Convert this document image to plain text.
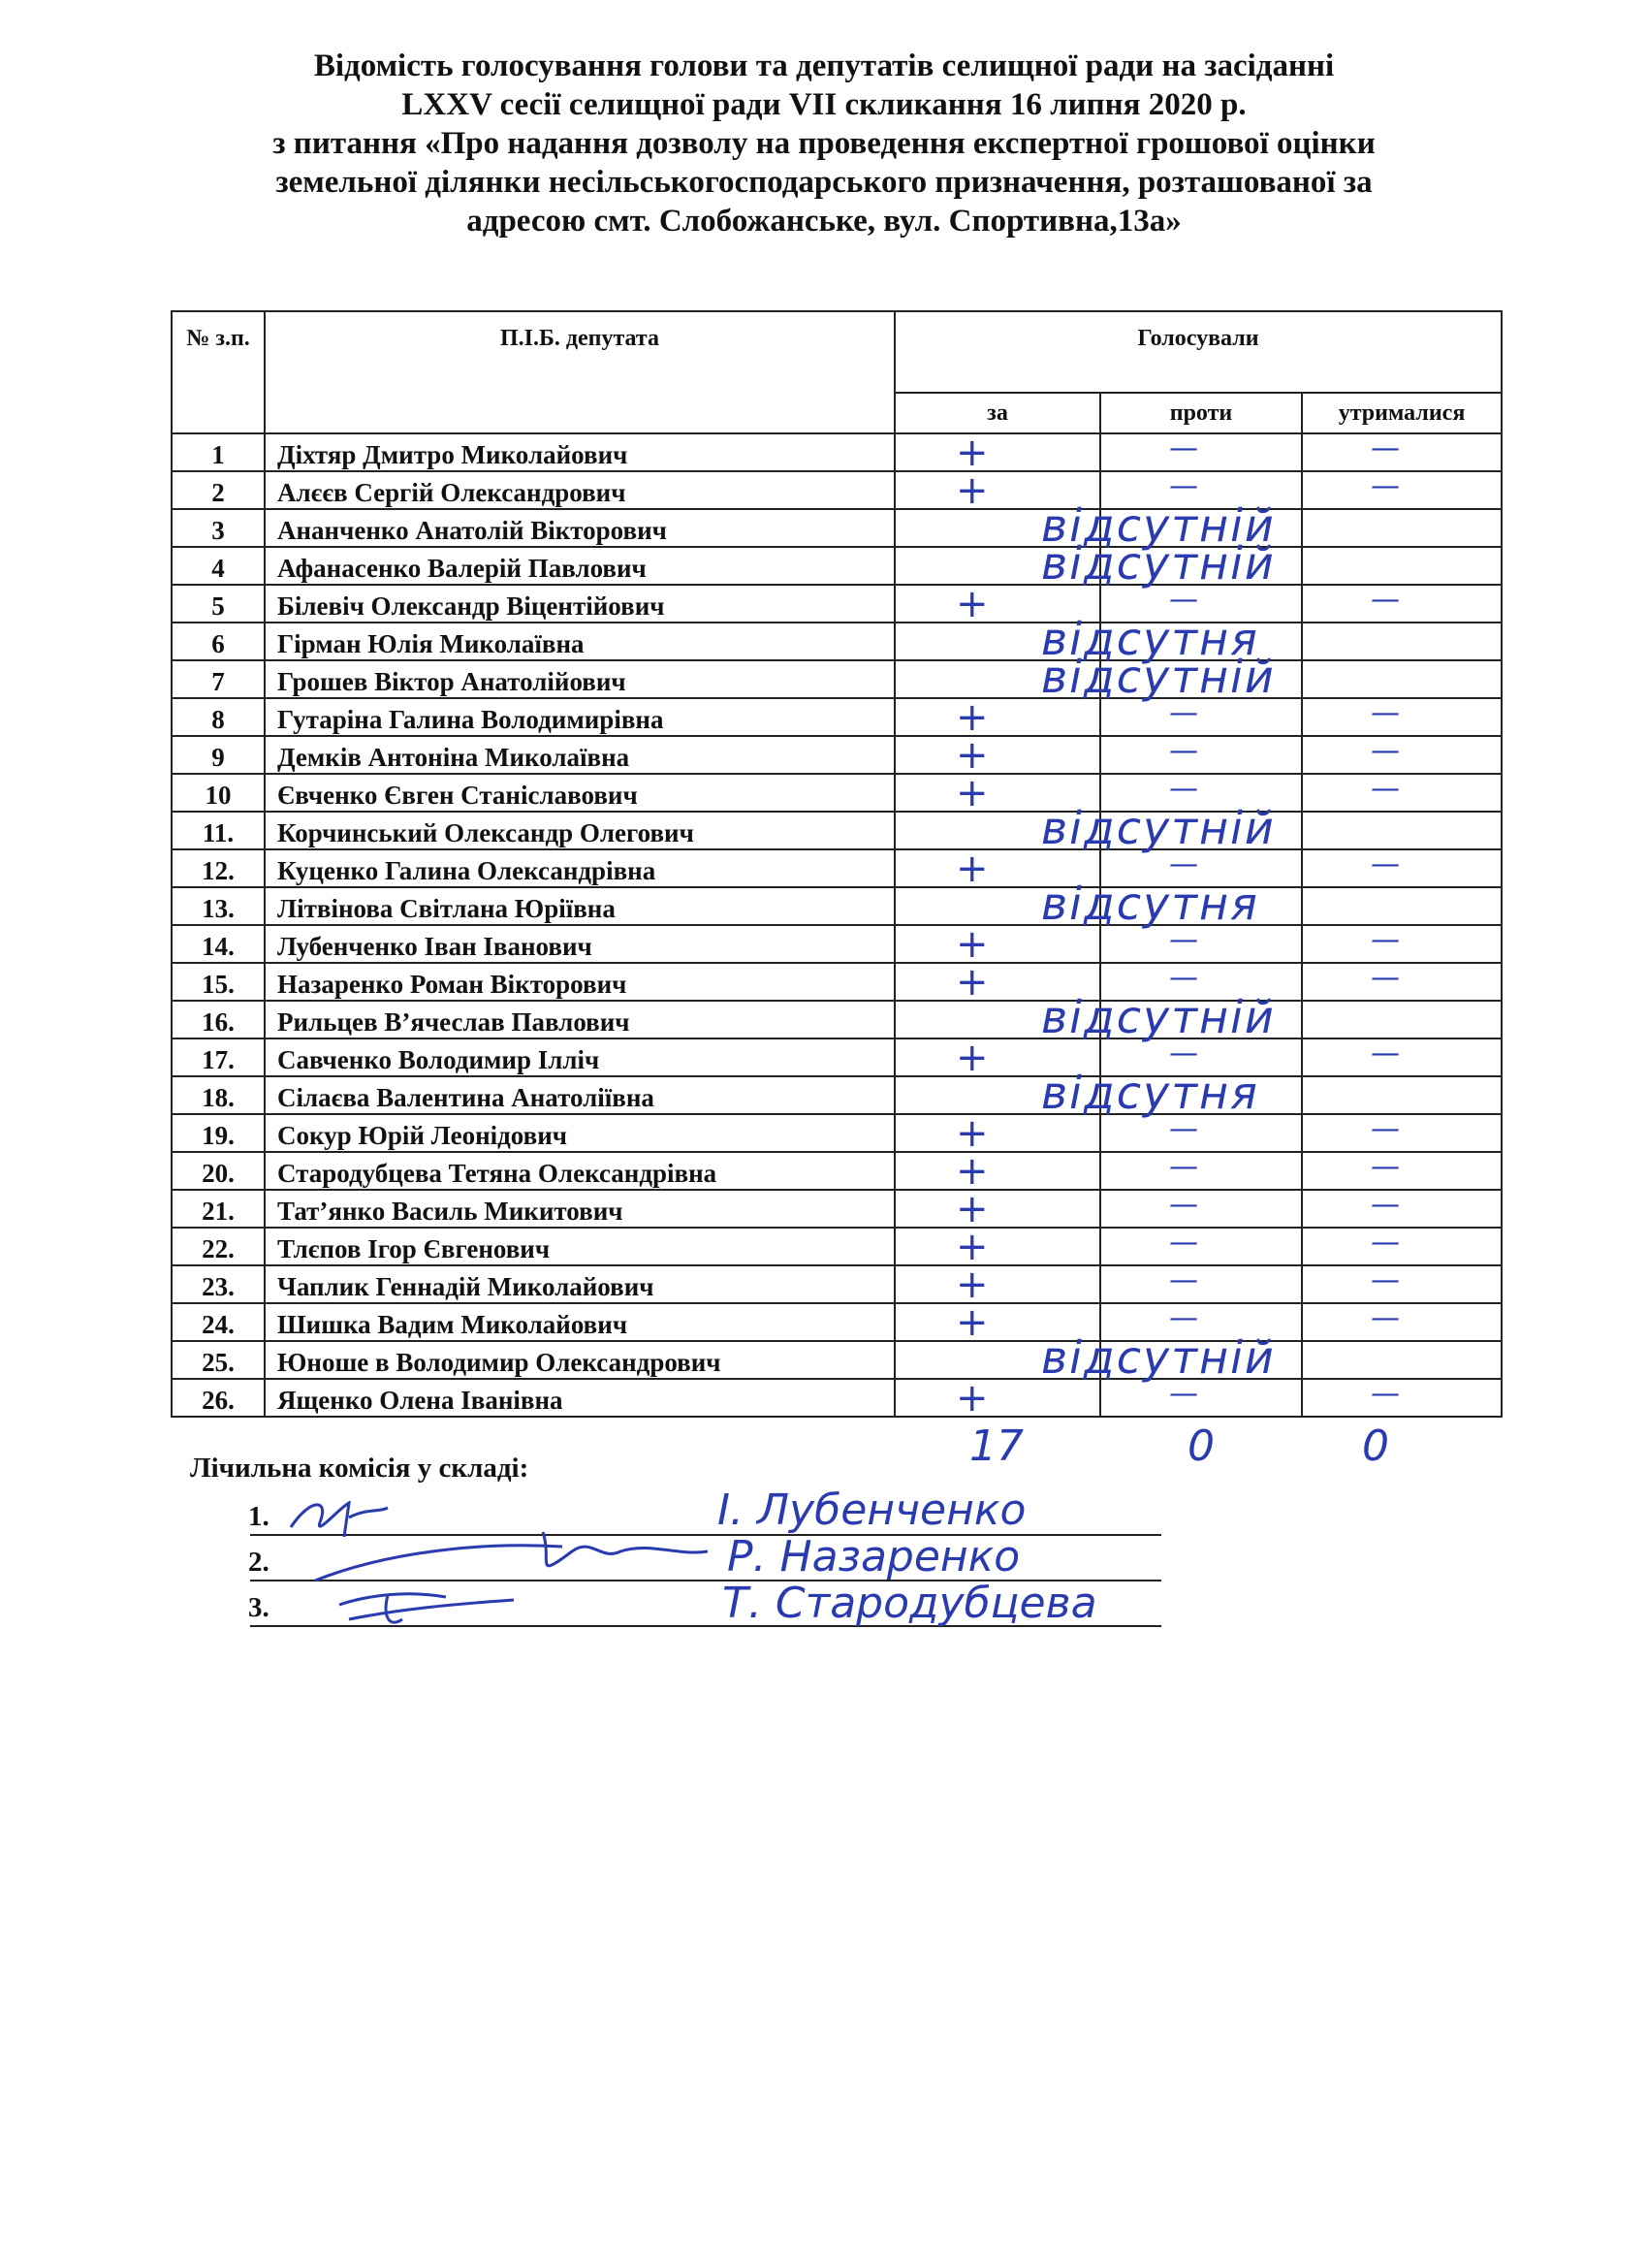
Відомість голосування голови та депутатів селищної ради на засіданні
LXXV сесії селищної ради VII скликання 16 липня 2020 р.
з питання «Про надання дозволу на проведення експертної грошової оцінки
земельної ділянки несільськогосподарського призначення, розташованої за
адресою смт. Слобожанське, вул. Спортивна,13а»
№ з.п.	П.І.Б. депутата	Голосували		
		за	проти	утрималися
1	Діхтяр Дмитро Миколайович	+	—	—

2	Алєєв Сергій Олександрович	+	—	—

3	Ананченко Анатолій Вікторович	відсутній		

4	Афанасенко Валерій Павлович	відсутній		

5	Білевіч Олександр Віцентійович	+	—	—

6	Гірман Юлія Миколаївна	відсутня		

7	Грошев Віктор Анатолійович	відсутній		

8	Гутаріна Галина Володимирівна	+	—	—

9	Демків Антоніна Миколаївна	+	—	—

10	Євченко Євген Станіславович	+	—	—

11.	Корчинський Олександр Олегович	відсутній		

12.	Куценко Галина Олександрівна	+	—	—

13.	Літвінова Світлана Юріївна	відсутня		

14.	Лубенченко Іван Іванович	+	—	—

15.	Назаренко Роман Вікторович	+	—	—

16.	Рильцев В’ячеслав Павлович	відсутній		

17.	Савченко Володимир Ілліч	+	—	—

18.	Сілаєва Валентина Анатоліївна	відсутня		

19.	Сокур Юрій Леонідович	+	—	—

20.	Стародубцева Тетяна Олександрівна	+	—	—

21.	Тат’янко Василь Микитович	+	—	—

22.	Тлєпов Ігор Євгенович	+	—	—

23.	Чаплик Геннадій Миколайович	+	—	—

24.	Шишка Вадим Миколайович	+	—	—

25.	Юноше в Володимир Олександрович	відсутній		

26.	Ященко Олена Іванівна	+	—	—
17	0	0
Лічильна комісія у складі:
1.	І. Лубенченко
2.	Р. Назаренко
3.	Т. Стародубцева
